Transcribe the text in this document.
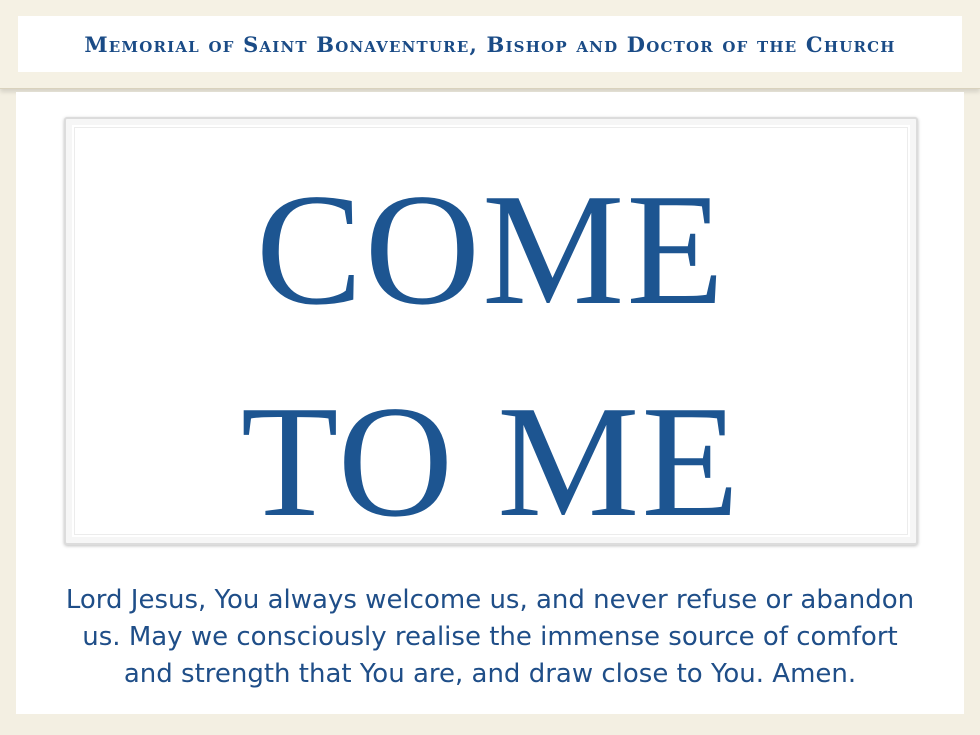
Memorial of Saint Bonaventure, Bishop and Doctor of the Church
COME
TO ME
Lord Jesus, You always welcome us, and never refuse or abandon
us. May we consciously realise the immense source of comfort
and strength that You are, and draw close to You. Amen.
